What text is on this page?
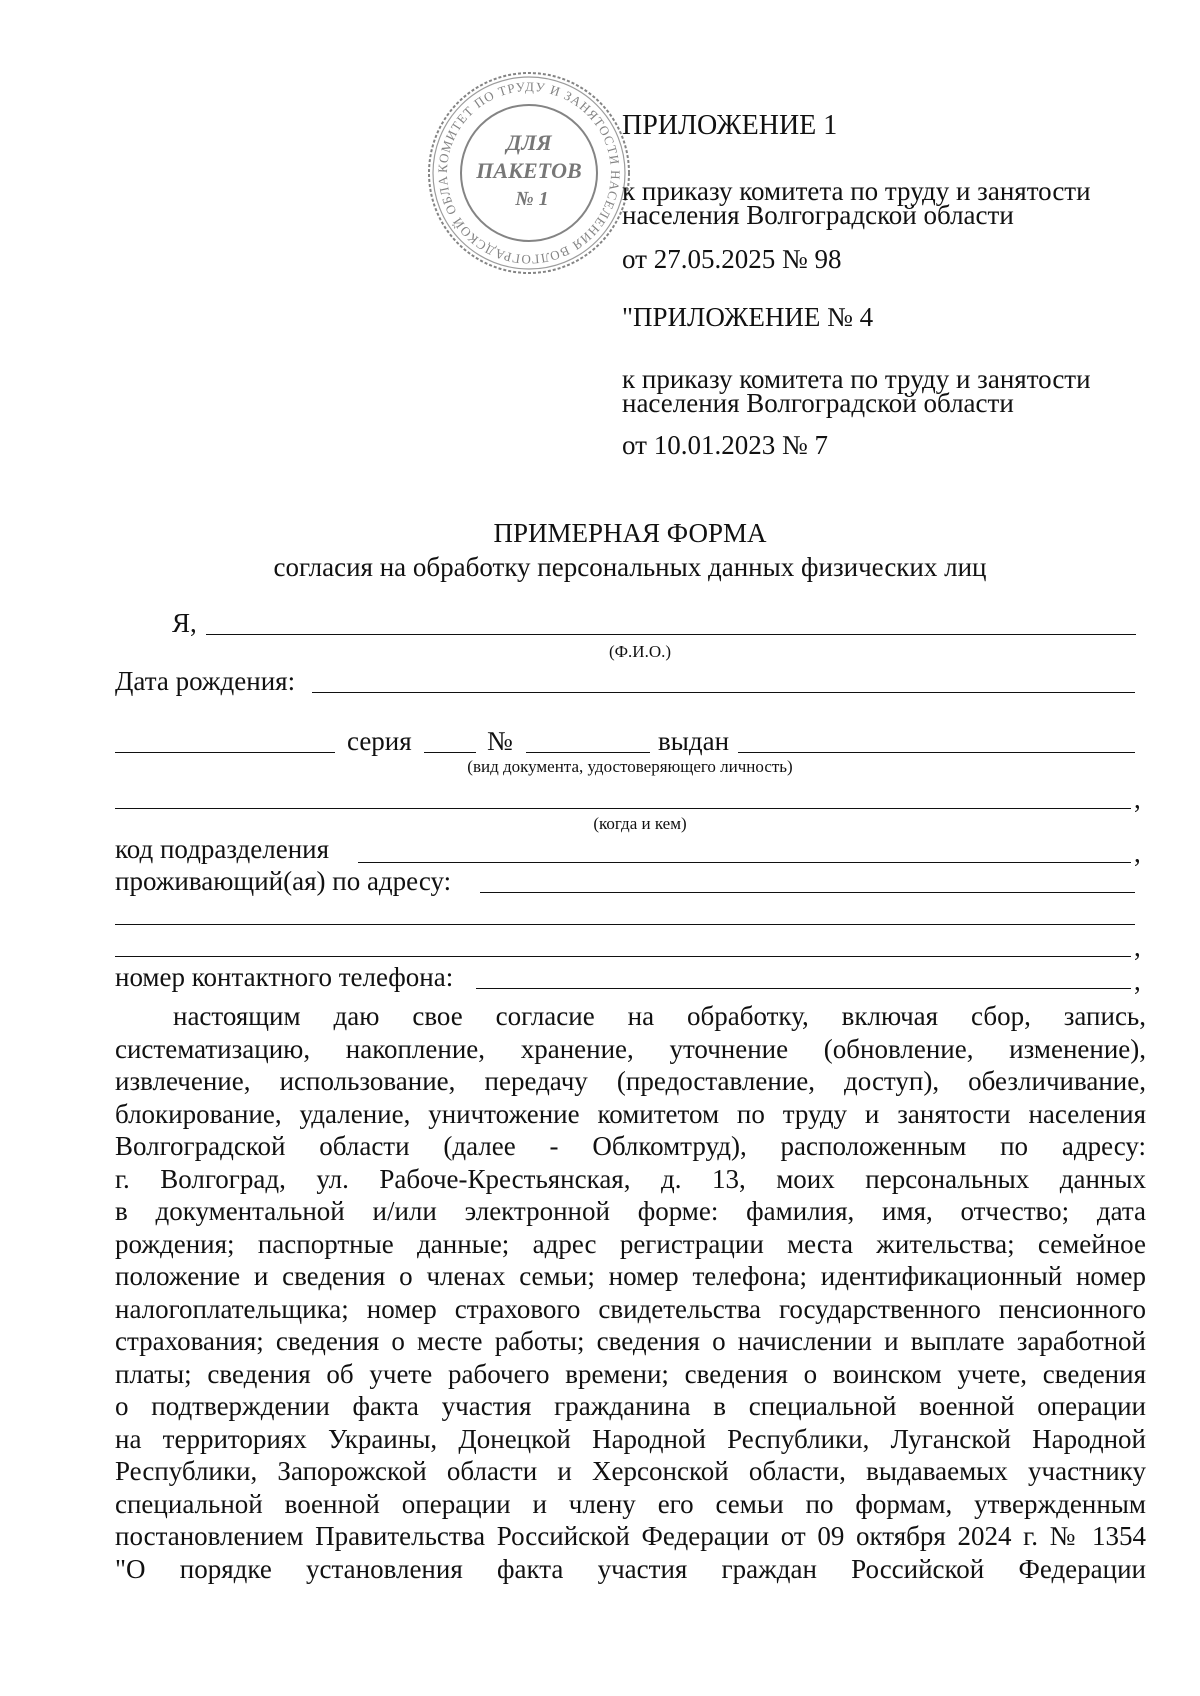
КОМИТЕТ ПО ТРУДУ И ЗАНЯТОСТИ НАСЕЛЕНИЯ ВОЛГОГРАДСКОЙ ОБЛА
ДЛЯ
ПАКЕТОВ
№ 1
ПРИЛОЖЕНИЕ 1
к приказу комитета по труду и занятости
населения Волгоградской области
от 27.05.2025 № 98
"ПРИЛОЖЕНИЕ № 4
к приказу комитета по труду и занятости
населения Волгоградской области
от 10.01.2023 № 7
ПРИМЕРНАЯ ФОРМА
согласия на обработку персональных данных физических лиц
Я,
(Ф.И.О.)
Дата рождения:
серия	№	выдан
(вид документа, удостоверяющего личность)
,
(когда и кем)
код подразделения	,
проживающий(ая) по адресу:
,
номер контактного телефона:	,
настоящим даю свое согласие на обработку, включая сбор, запись,
систематизацию, накопление, хранение, уточнение (обновление, изменение),
извлечение, использование, передачу (предоставление, доступ), обезличивание,
блокирование, удаление, уничтожение комитетом по труду и занятости населения
Волгоградской области (далее - Облкомтруд), расположенным по адресу:
г. Волгоград, ул. Рабоче-Крестьянская, д. 13, моих персональных данных
в документальной и/или электронной форме: фамилия, имя, отчество; дата
рождения; паспортные данные; адрес регистрации места жительства; семейное
положение и сведения о членах семьи; номер телефона; идентификационный номер
налогоплательщика; номер страхового свидетельства государственного пенсионного
страхования; сведения о месте работы; сведения о начислении и выплате заработной
платы; сведения об учете рабочего времени; сведения о воинском учете, сведения
о подтверждении факта участия гражданина в специальной военной операции
на территориях Украины, Донецкой Народной Республики, Луганской Народной
Республики, Запорожской области и Херсонской области, выдаваемых участнику
специальной военной операции и члену его семьи по формам, утвержденным
постановлением Правительства Российской Федерации от 09 октября 2024 г. № 1354
"О порядке установления факта участия граждан Российской Федерации
